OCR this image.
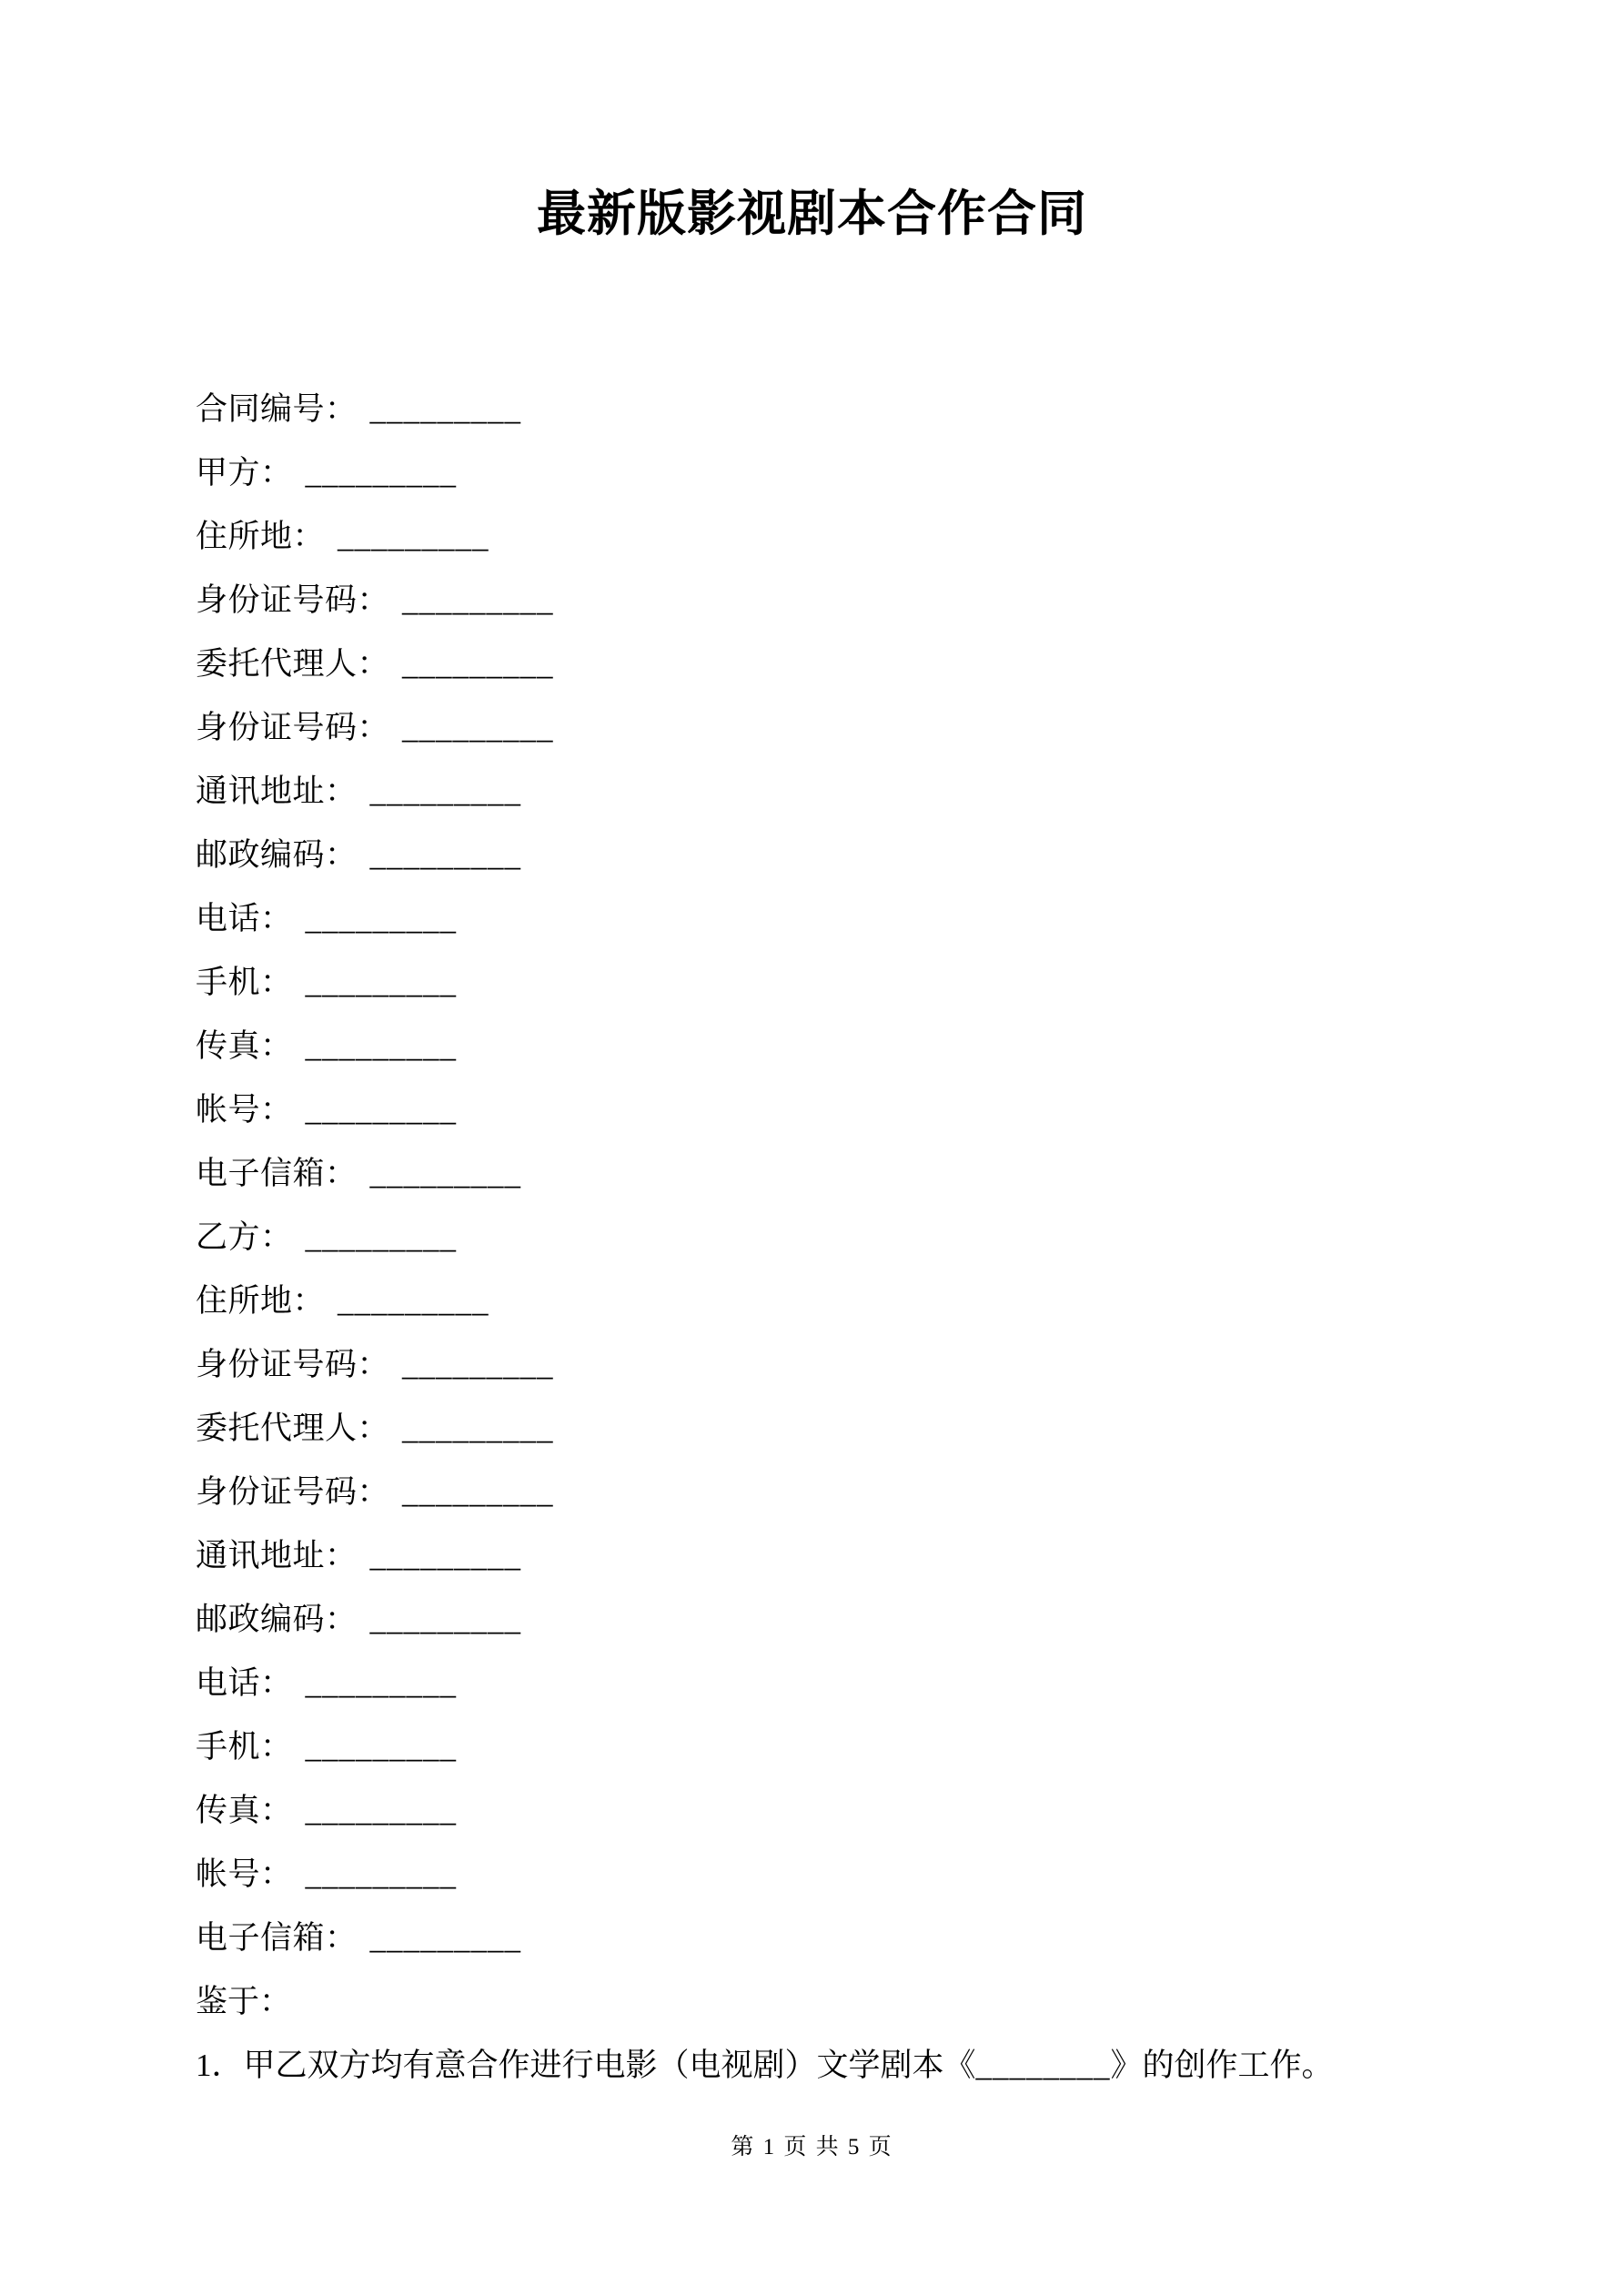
最新版影视剧本合作合同
合同编号： _________
甲方： _________
住所地： _________
身份证号码： _________
委托代理人： _________
身份证号码： _________
通讯地址： _________
邮政编码： _________
电话： _________
手机： _________
传真： _________
帐号： _________
电子信箱： _________
乙方： _________
住所地： _________
身份证号码： _________
委托代理人： _________
身份证号码： _________
通讯地址： _________
邮政编码： _________
电话： _________
手机： _________
传真： _________
帐号： _________
电子信箱： _________
鉴于：
1．甲乙双方均有意合作进行电影（电视剧）文学剧本《________》的创作工作。
第 1 页 共 5 页
